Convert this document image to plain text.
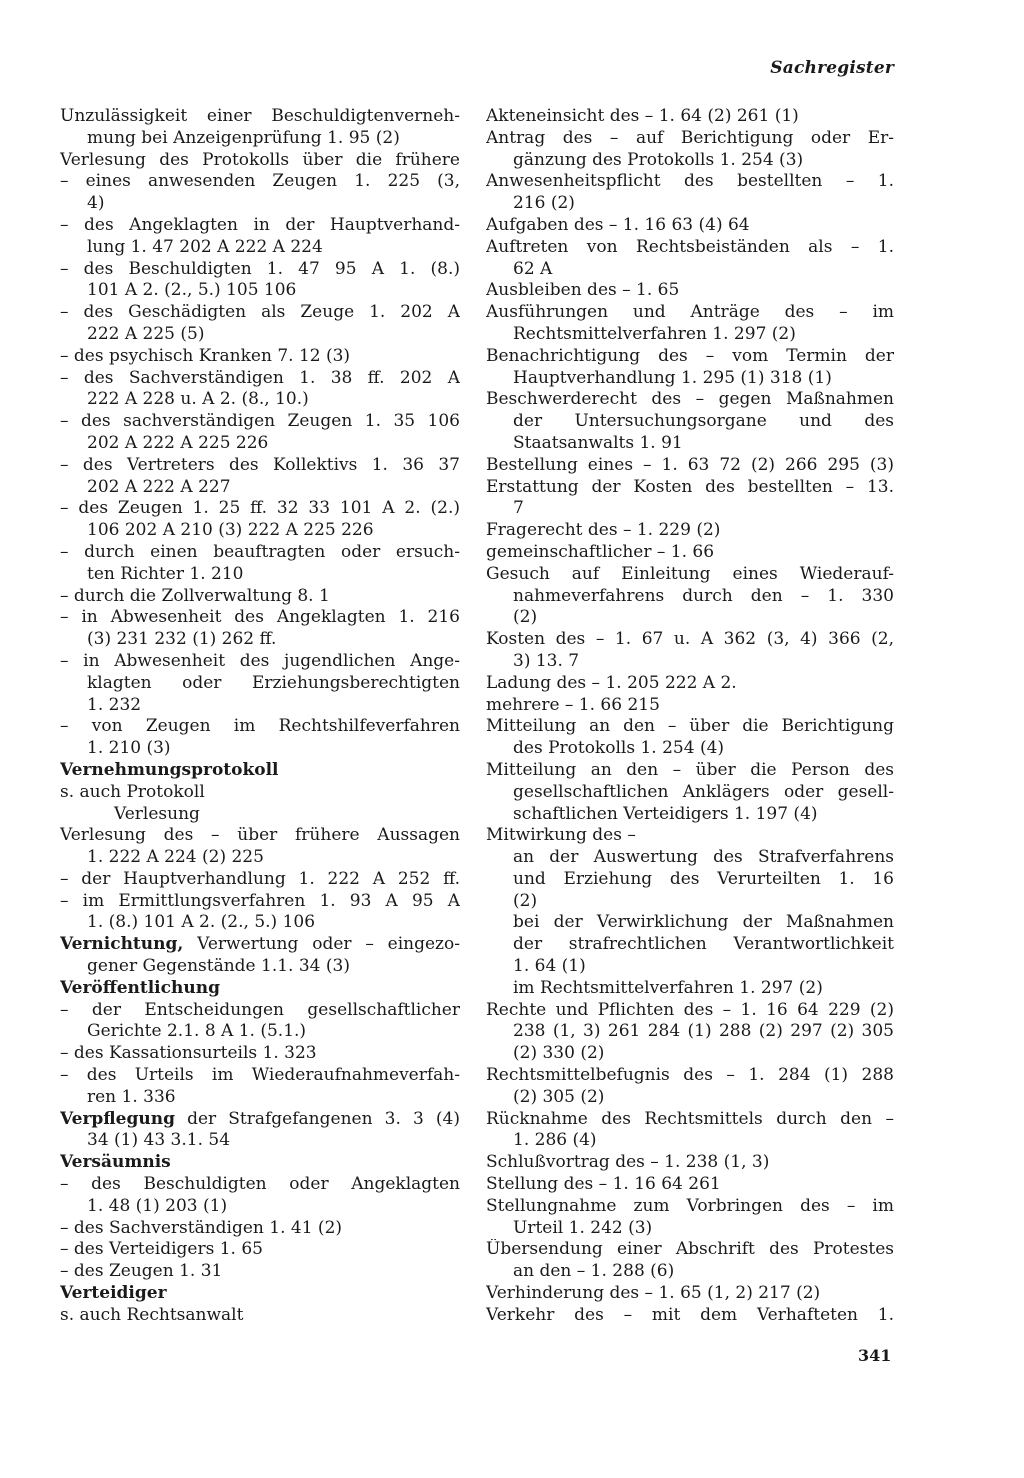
Sachregister
Unzulässigkeit einer Beschuldigtenverneh-
mung bei Anzeigenprüfung 1. 95 (2)
Verlesung des Protokolls über die frühere
– eines anwesenden Zeugen 1. 225 (3,
4)
– des Angeklagten in der Hauptverhand-
lung 1. 47 202 A 222 A 224
– des Beschuldigten 1. 47 95 A 1. (8.)
101 A 2. (2., 5.) 105 106
– des Geschädigten als Zeuge 1. 202 A
222 A 225 (5)
– des psychisch Kranken 7. 12 (3)
– des Sachverständigen 1. 38 ff. 202 A
222 A 228 u. A 2. (8., 10.)
– des sachverständigen Zeugen 1. 35 106
202 A 222 A 225 226
– des Vertreters des Kollektivs 1. 36 37
202 A 222 A 227
– des Zeugen 1. 25 ff. 32 33 101 A 2. (2.)
106 202 A 210 (3) 222 A 225 226
– durch einen beauftragten oder ersuch-
ten Richter 1. 210
– durch die Zollverwaltung 8. 1
– in Abwesenheit des Angeklagten 1. 216
(3) 231 232 (1) 262 ff.
– in Abwesenheit des jugendlichen Ange-
klagten oder Erziehungsberechtigten
1. 232
– von Zeugen im Rechtshilfeverfahren
1. 210 (3)
Vernehmungsprotokoll
s. auch Protokoll
Verlesung
Verlesung des – über frühere Aussagen
1. 222 A 224 (2) 225
– der Hauptverhandlung 1. 222 A 252 ff.
– im Ermittlungsverfahren 1. 93 A 95 A
1. (8.) 101 A 2. (2., 5.) 106
Vernichtung, Verwertung oder – eingezo-
gener Gegenstände 1.1. 34 (3)
Veröffentlichung
– der Entscheidungen gesellschaftlicher
Gerichte 2.1. 8 A 1. (5.1.)
– des Kassationsurteils 1. 323
– des Urteils im Wiederaufnahmeverfah-
ren 1. 336
Verpflegung der Strafgefangenen 3. 3 (4)
34 (1) 43 3.1. 54
Versäumnis
– des Beschuldigten oder Angeklagten
1. 48 (1) 203 (1)
– des Sachverständigen 1. 41 (2)
– des Verteidigers 1. 65
– des Zeugen 1. 31
Verteidiger
s. auch Rechtsanwalt
Akteneinsicht des – 1. 64 (2) 261 (1)
Antrag des – auf Berichtigung oder Er-
gänzung des Protokolls 1. 254 (3)
Anwesenheitspflicht des bestellten – 1.
216 (2)
Aufgaben des – 1. 16 63 (4) 64
Auftreten von Rechtsbeiständen als – 1.
62 A
Ausbleiben des – 1. 65
Ausführungen und Anträge des – im
Rechtsmittelverfahren 1. 297 (2)
Benachrichtigung des – vom Termin der
Hauptverhandlung 1. 295 (1) 318 (1)
Beschwerderecht des – gegen Maßnahmen
der Untersuchungsorgane und des
Staatsanwalts 1. 91
Bestellung eines – 1. 63 72 (2) 266 295 (3)
Erstattung der Kosten des bestellten – 13.
7
Fragerecht des – 1. 229 (2)
gemeinschaftlicher – 1. 66
Gesuch auf Einleitung eines Wiederauf-
nahmeverfahrens durch den – 1. 330
(2)
Kosten des – 1. 67 u. A 362 (3, 4) 366 (2,
3) 13. 7
Ladung des – 1. 205 222 A 2.
mehrere – 1. 66 215
Mitteilung an den – über die Berichtigung
des Protokolls 1. 254 (4)
Mitteilung an den – über die Person des
gesellschaftlichen Anklägers oder gesell-
schaftlichen Verteidigers 1. 197 (4)
Mitwirkung des –
an der Auswertung des Strafverfahrens
und Erziehung des Verurteilten 1. 16
(2)
bei der Verwirklichung der Maßnahmen
der strafrechtlichen Verantwortlichkeit
1. 64 (1)
im Rechtsmittelverfahren 1. 297 (2)
Rechte und Pflichten des – 1. 16 64 229 (2)
238 (1, 3) 261 284 (1) 288 (2) 297 (2) 305
(2) 330 (2)
Rechtsmittelbefugnis des – 1. 284 (1) 288
(2) 305 (2)
Rücknahme des Rechtsmittels durch den –
1. 286 (4)
Schlußvortrag des – 1. 238 (1, 3)
Stellung des – 1. 16 64 261
Stellungnahme zum Vorbringen des – im
Urteil 1. 242 (3)
Übersendung einer Abschrift des Protestes
an den – 1. 288 (6)
Verhinderung des – 1. 65 (1, 2) 217 (2)
Verkehr des – mit dem Verhafteten 1.
341
